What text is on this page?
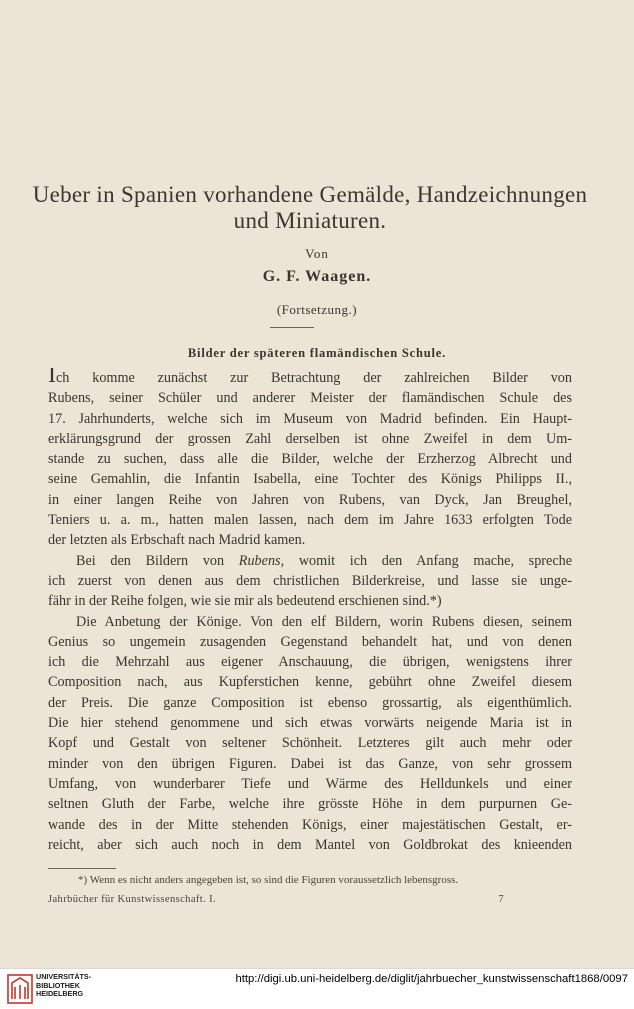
Ueber in Spanien vorhandene Gemälde, Handzeichnungen
und Miniaturen.
Von
G. F. Waagen.
(Fortsetzung.)
Bilder der späteren flamändischen Schule.
Ich komme zunächst zur Betrachtung der zahlreichen Bilder von
Rubens, seiner Schüler und anderer Meister der flamändischen Schule des
17. Jahrhunderts, welche sich im Museum von Madrid befinden. Ein Haupt-
erklärungsgrund der grossen Zahl derselben ist ohne Zweifel in dem Um-
stande zu suchen, dass alle die Bilder, welche der Erzherzog Albrecht und
seine Gemahlin, die Infantin Isabella, eine Tochter des Königs Philipps II.,
in einer langen Reihe von Jahren von Rubens, van Dyck, Jan Breughel,
Teniers u. a. m., hatten malen lassen, nach dem im Jahre 1633 erfolgten Tode
der letzten als Erbschaft nach Madrid kamen.
Bei den Bildern von Rubens, womit ich den Anfang mache, spreche
ich zuerst von denen aus dem christlichen Bilderkreise, und lasse sie unge-
fähr in der Reihe folgen, wie sie mir als bedeutend erschienen sind.*)
Die Anbetung der Könige. Von den elf Bildern, worin Rubens diesen, seinem
Genius so ungemein zusagenden Gegenstand behandelt hat, und von denen
ich die Mehrzahl aus eigener Anschauung, die übrigen, wenigstens ihrer
Composition nach, aus Kupferstichen kenne, gebührt ohne Zweifel diesem
der Preis. Die ganze Composition ist ebenso grossartig, als eigenthümlich.
Die hier stehend genommene und sich etwas vorwärts neigende Maria ist in
Kopf und Gestalt von seltener Schönheit. Letzteres gilt auch mehr oder
minder von den übrigen Figuren. Dabei ist das Ganze, von sehr grossem
Umfang, von wunderbarer Tiefe und Wärme des Helldunkels und einer
seltnen Gluth der Farbe, welche ihre grösste Höhe in dem purpurnen Ge-
wande des in der Mitte stehenden Königs, einer majestätischen Gestalt, er-
reicht, aber sich auch noch in dem Mantel von Goldbrokat des knieenden
*) Wenn es nicht anders angegeben ist, so sind die Figuren voraussetzlich lebensgross.
Jahrbücher für Kunstwissenschaft. I.	7
UNIVERSITÄTS-
BIBLIOTHEK
HEIDELBERG
http://digi.ub.uni-heidelberg.de/diglit/jahrbuecher_kunstwissenschaft1868/0097
